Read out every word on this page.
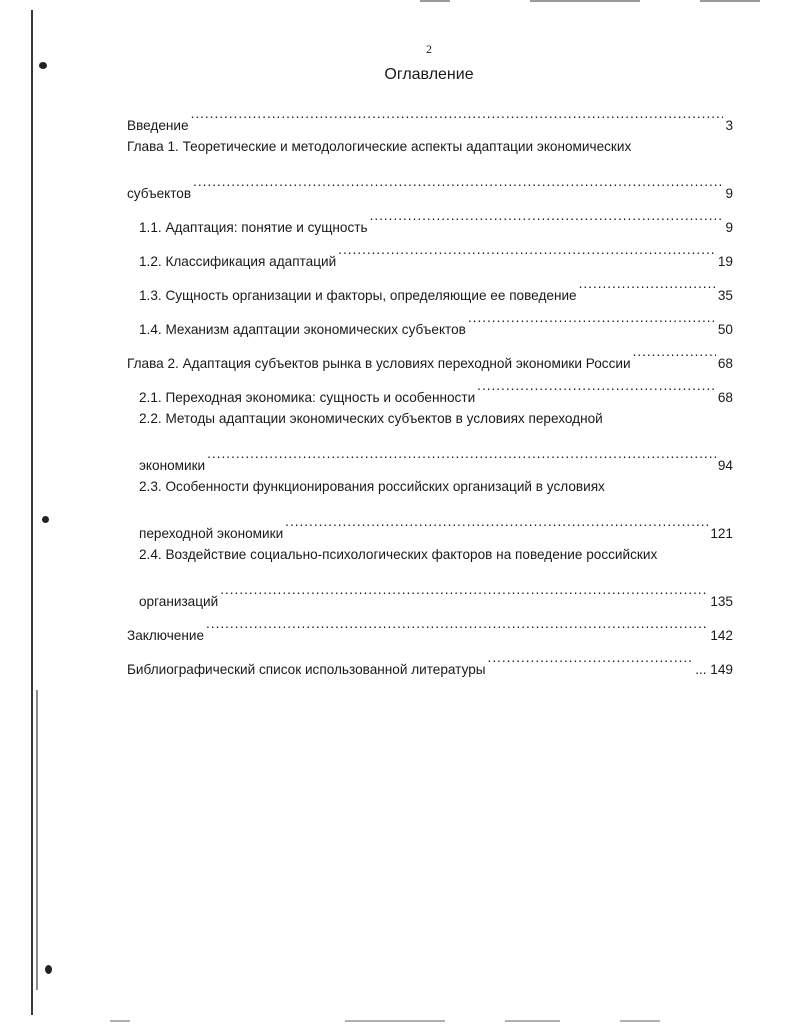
2
Оглавление
Введение .....	3
Глава 1. Теоретические и методологические аспекты адаптации экономических
субъектов .....	9
1.1. Адаптация: понятие и сущность .....	9
1.2. Классификация адаптаций .....	19
1.3. Сущность организации и факторы, определяющие ее поведение .....	35
1.4. Механизм адаптации экономических субъектов .....	50
Глава 2. Адаптация субъектов рынка в условиях переходной экономики России .....	68
2.1. Переходная экономика: сущность и особенности .....	68
2.2. Методы адаптации экономических субъектов в условиях переходной
экономики .....	94
2.3. Особенности функционирования российских организаций в условиях
переходной экономики .....	121
2.4. Воздействие социально-психологических факторов на поведение российских
организаций .....	135
Заключение .....	142
Библиографический список использованной литературы .....	... 149
